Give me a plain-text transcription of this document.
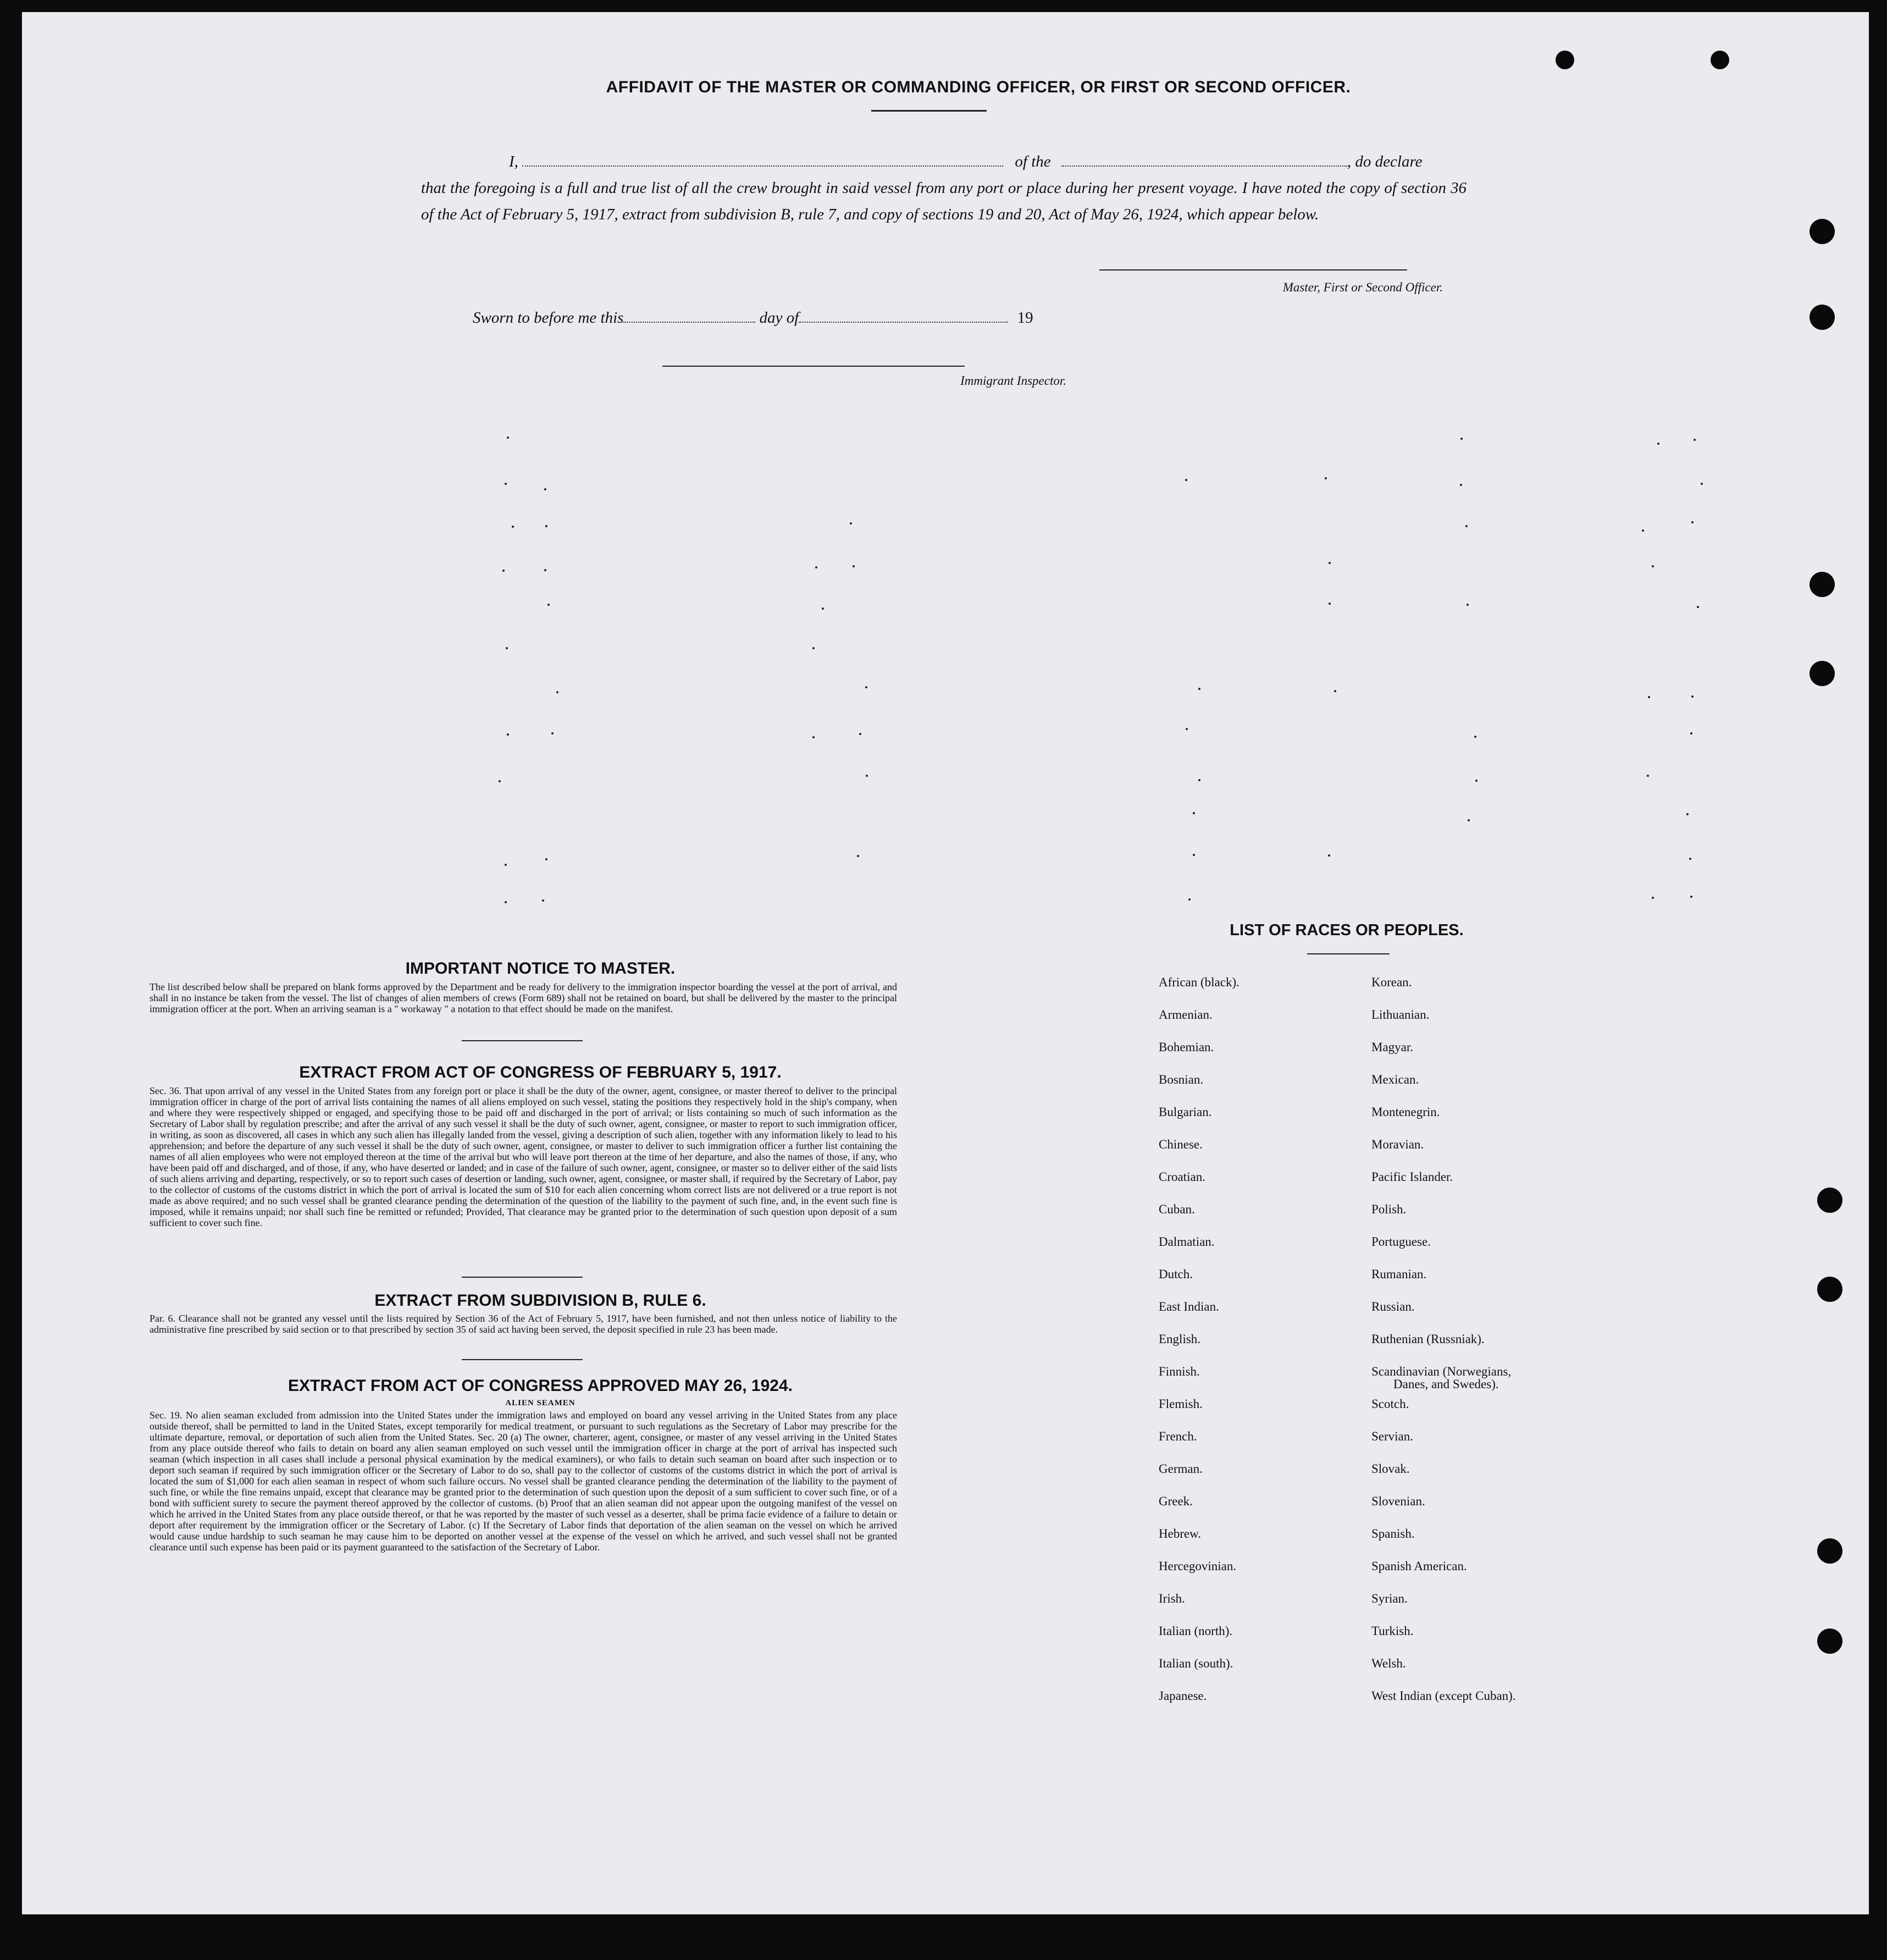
AFFIDAVIT OF THE MASTER OR COMMANDING OFFICER, OR FIRST OR SECOND OFFICER.
I,	of the	, do declare
that the foregoing is a full and true list of all the crew brought in said vessel from any port or place during her present voyage. I have noted the copy of section 36 of the Act of February 5, 1917, extract from subdivision B, rule 7, and copy of sections 19 and 20, Act of May 26, 1924, which appear below.
Master, First or Second Officer.
Sworn to before me this	day of	19
Immigrant Inspector.
IMPORTANT NOTICE TO MASTER.
The list described below shall be prepared on blank forms approved by the Department and be ready for delivery to the immigration inspector boarding the vessel at the port of arrival, and shall in no instance be taken from the vessel. The list of changes of alien members of crews (Form 689) shall not be retained on board, but shall be delivered by the master to the principal immigration officer at the port. When an arriving seaman is a " workaway " a notation to that effect should be made on the manifest.
EXTRACT FROM ACT OF CONGRESS OF FEBRUARY 5, 1917.
Sec. 36. That upon arrival of any vessel in the United States from any foreign port or place it shall be the duty of the owner, agent, consignee, or master thereof to deliver to the principal immigration officer in charge of the port of arrival lists containing the names of all aliens employed on such vessel, stating the positions they respectively hold in the ship's company, when and where they were respectively shipped or engaged, and specifying those to be paid off and discharged in the port of arrival; or lists containing so much of such information as the Secretary of Labor shall by regulation prescribe; and after the arrival of any such vessel it shall be the duty of such owner, agent, consignee, or master to report to such immigration officer, in writing, as soon as discovered, all cases in which any such alien has illegally landed from the vessel, giving a description of such alien, together with any information likely to lead to his apprehension; and before the departure of any such vessel it shall be the duty of such owner, agent, consignee, or master to deliver to such immigration officer a further list containing the names of all alien employees who were not employed thereon at the time of the arrival but who will leave port thereon at the time of her departure, and also the names of those, if any, who have been paid off and discharged, and of those, if any, who have deserted or landed; and in case of the failure of such owner, agent, consignee, or master so to deliver either of the said lists of such aliens arriving and departing, respectively, or so to report such cases of desertion or landing, such owner, agent, consignee, or master shall, if required by the Secretary of Labor, pay to the collector of customs of the customs district in which the port of arrival is located the sum of $10 for each alien concerning whom correct lists are not delivered or a true report is not made as above required; and no such vessel shall be granted clearance pending the determination of the question of the liability to the payment of such fine, and, in the event such fine is imposed, while it remains unpaid; nor shall such fine be remitted or refunded; Provided, That clearance may be granted prior to the determination of such question upon deposit of a sum sufficient to cover such fine.
EXTRACT FROM SUBDIVISION B, RULE 6.
Par. 6. Clearance shall not be granted any vessel until the lists required by Section 36 of the Act of February 5, 1917, have been furnished, and not then unless notice of liability to the administrative fine prescribed by said section or to that prescribed by section 35 of said act having been served, the deposit specified in rule 23 has been made.
EXTRACT FROM ACT OF CONGRESS APPROVED MAY 26, 1924.
ALIEN SEAMEN
Sec. 19. No alien seaman excluded from admission into the United States under the immigration laws and employed on board any vessel arriving in the United States from any place outside thereof, shall be permitted to land in the United States, except temporarily for medical treatment, or pursuant to such regulations as the Secretary of Labor may prescribe for the ultimate departure, removal, or deportation of such alien from the United States. Sec. 20 (a) The owner, charterer, agent, consignee, or master of any vessel arriving in the United States from any place outside thereof who fails to detain on board any alien seaman employed on such vessel until the immigration officer in charge at the port of arrival has inspected such seaman (which inspection in all cases shall include a personal physical examination by the medical examiners), or who fails to detain such seaman on board after such inspection or to deport such seaman if required by such immigration officer or the Secretary of Labor to do so, shall pay to the collector of customs of the customs district in which the port of arrival is located the sum of $1,000 for each alien seaman in respect of whom such failure occurs. No vessel shall be granted clearance pending the determination of the liability to the payment of such fine, or while the fine remains unpaid, except that clearance may be granted prior to the determination of such question upon the deposit of a sum sufficient to cover such fine, or of a bond with sufficient surety to secure the payment thereof approved by the collector of customs. (b) Proof that an alien seaman did not appear upon the outgoing manifest of the vessel on which he arrived in the United States from any place outside thereof, or that he was reported by the master of such vessel as a deserter, shall be prima facie evidence of a failure to detain or deport after requirement by the immigration officer or the Secretary of Labor. (c) If the Secretary of Labor finds that deportation of the alien seaman on the vessel on which he arrived would cause undue hardship to such seaman he may cause him to be deported on another vessel at the expense of the vessel on which he arrived, and such vessel shall not be granted clearance until such expense has been paid or its payment guaranteed to the satisfaction of the Secretary of Labor.
LIST OF RACES OR PEOPLES.
African (black).
Armenian.
Bohemian.
Bosnian.
Bulgarian.
Chinese.
Croatian.
Cuban.
Dalmatian.
Dutch.
East Indian.
English.
Finnish.
Flemish.
French.
German.
Greek.
Hebrew.
Hercegovinian.
Irish.
Italian (north).
Italian (south).
Japanese.
Korean.
Lithuanian.
Magyar.
Mexican.
Montenegrin.
Moravian.
Pacific Islander.
Polish.
Portuguese.
Rumanian.
Russian.
Ruthenian (Russniak).
Scandinavian (Norwegians,
Danes, and Swedes).
Scotch.
Servian.
Slovak.
Slovenian.
Spanish.
Spanish American.
Syrian.
Turkish.
Welsh.
West Indian (except Cuban).
